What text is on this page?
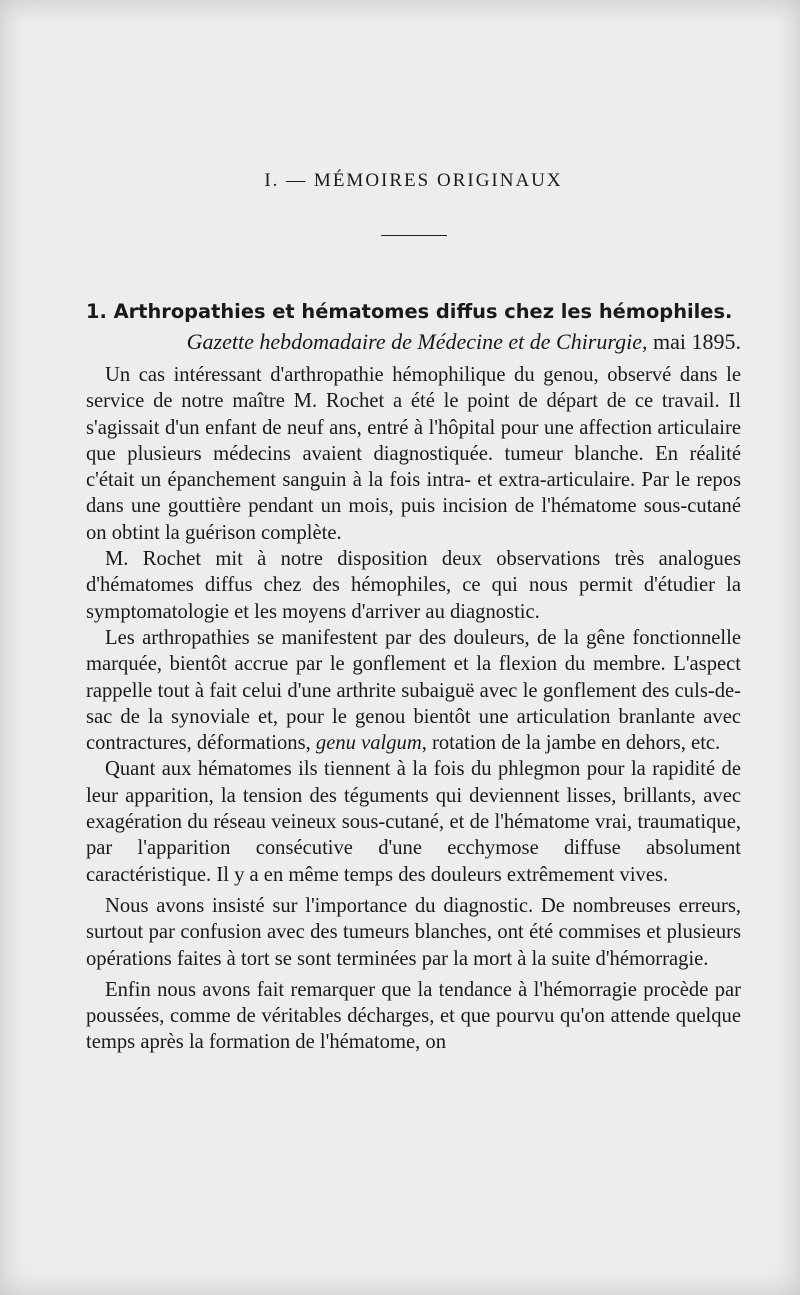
I. — MÉMOIRES ORIGINAUX
1. Arthropathies et hématomes diffus chez les hémophiles.
Gazette hebdomadaire de Médecine et de Chirurgie, mai 1895.

Un cas intéressant d'arthropathie hémophilique du genou, observé dans le service de notre maître M. Rochet a été le point de départ de ce travail. Il s'agissait d'un enfant de neuf ans, entré à l'hôpital pour une affection articulaire que plusieurs médecins avaient diagnostiquée. tumeur blanche. En réalité c'était un épanchement sanguin à la fois intra- et extra-articulaire. Par le repos dans une gouttière pendant un mois, puis incision de l'hématome sous-cutané on obtint la guérison complète.

M. Rochet mit à notre disposition deux observations très analogues d'hématomes diffus chez des hémophiles, ce qui nous permit d'étudier la symptomatologie et les moyens d'arriver au diagnostic.

Les arthropathies se manifestent par des douleurs, de la gêne fonctionnelle marquée, bientôt accrue par le gonflement et la flexion du membre. L'aspect rappelle tout à fait celui d'une arthrite subaiguë avec le gonflement des culs-de-sac de la synoviale et, pour le genou bientôt une articulation branlante avec contractures, déformations, genu valgum, rotation de la jambe en dehors, etc.

Quant aux hématomes ils tiennent à la fois du phlegmon pour la rapidité de leur apparition, la tension des téguments qui deviennent lisses, brillants, avec exagération du réseau veineux sous-cutané, et de l'hématome vrai, traumatique, par l'apparition consécutive d'une ecchymose diffuse absolument caractéristique. Il y a en même temps des douleurs extrêmement vives.

Nous avons insisté sur l'importance du diagnostic. De nombreuses erreurs, surtout par confusion avec des tumeurs blanches, ont été commises et plusieurs opérations faites à tort se sont terminées par la mort à la suite d'hémorragie.

Enfin nous avons fait remarquer que la tendance à l'hémorragie procède par poussées, comme de véritables décharges, et que pourvu qu'on attende quelque temps après la formation de l'hématome, on
